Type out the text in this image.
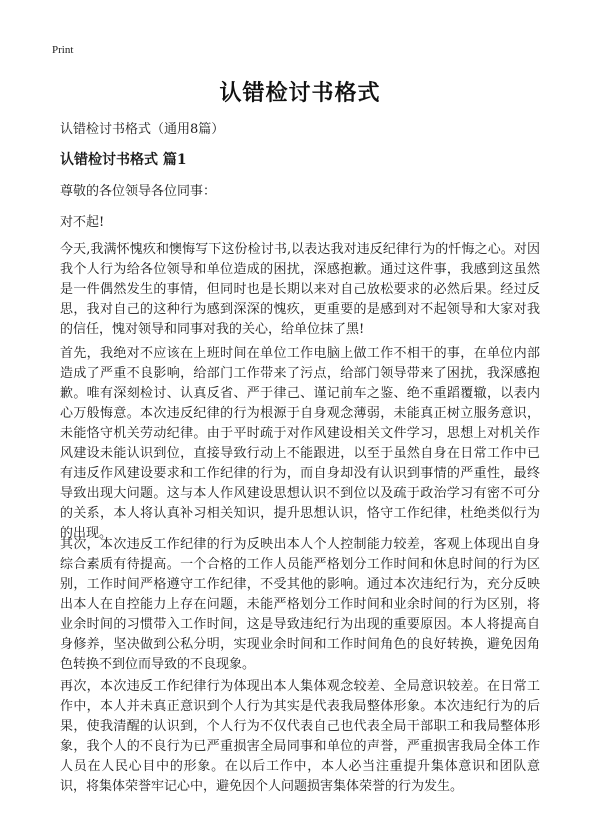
Print
认错检讨书格式

认错检讨书格式（通用8篇）

认错检讨书格式 篇1

尊敬的各位领导各位同事：

对不起!

今天,我满怀愧疚和懊悔写下这份检讨书,以表达我对违反纪律行为的忏悔之心。对因我个人行为给各位领导和单位造成的困扰，深感抱歉。通过这件事，我感到这虽然是一件偶然发生的事情，但同时也是长期以来对自己放松要求的必然后果。经过反思，我对自己的这种行为感到深深的愧疚，更重要的是感到对不起领导和大家对我的信任，愧对领导和同事对我的关心，给单位抹了黑!

首先，我绝对不应该在上班时间在单位工作电脑上做工作不相干的事，在单位内部造成了严重不良影响，给部门工作带来了污点，给部门领导带来了困扰，我深感抱歉。唯有深刻检讨、认真反省、严于律己、谨记前车之鉴、绝不重蹈覆辙，以表内心万般悔意。本次违反纪律的行为根源于自身观念薄弱，未能真正树立服务意识，未能恪守机关劳动纪律。由于平时疏于对作风建设相关文件学习，思想上对机关作风建设未能认识到位，直接导致行动上不能跟进，以至于虽然自身在日常工作中已有违反作风建设要求和工作纪律的行为，而自身却没有认识到事情的严重性，最终导致出现大问题。这与本人作风建设思想认识不到位以及疏于政治学习有密不可分的关系，本人将认真补习相关知识，提升思想认识，恪守工作纪律，杜绝类似行为的出现。

其次，本次违反工作纪律的行为反映出本人个人控制能力较差，客观上体现出自身综合素质有待提高。一个合格的工作人员能严格划分工作时间和休息时间的行为区别，工作时间严格遵守工作纪律，不受其他的影响。通过本次违纪行为，充分反映出本人在自控能力上存在问题，未能严格划分工作时间和业余时间的行为区别，将业余时间的习惯带入工作时间，这是导致违纪行为出现的重要原因。本人将提高自身修养，坚决做到公私分明，实现业余时间和工作时间角色的良好转换，避免因角色转换不到位而导致的不良现象。

再次，本次违反工作纪律行为体现出本人集体观念较差、全局意识较差。在日常工作中，本人并未真正意识到个人行为其实是代表我局整体形象。本次违纪行为的后果，使我清醒的认识到，个人行为不仅代表自己也代表全局干部职工和我局整体形象，我个人的不良行为已严重损害全局同事和单位的声誉，严重损害我局全体工作人员在人民心目中的形象。在以后工作中，本人必当注重提升集体意识和团队意识，将集体荣誉牢记心中，避免因个人问题损害集体荣誉的行为发生。
